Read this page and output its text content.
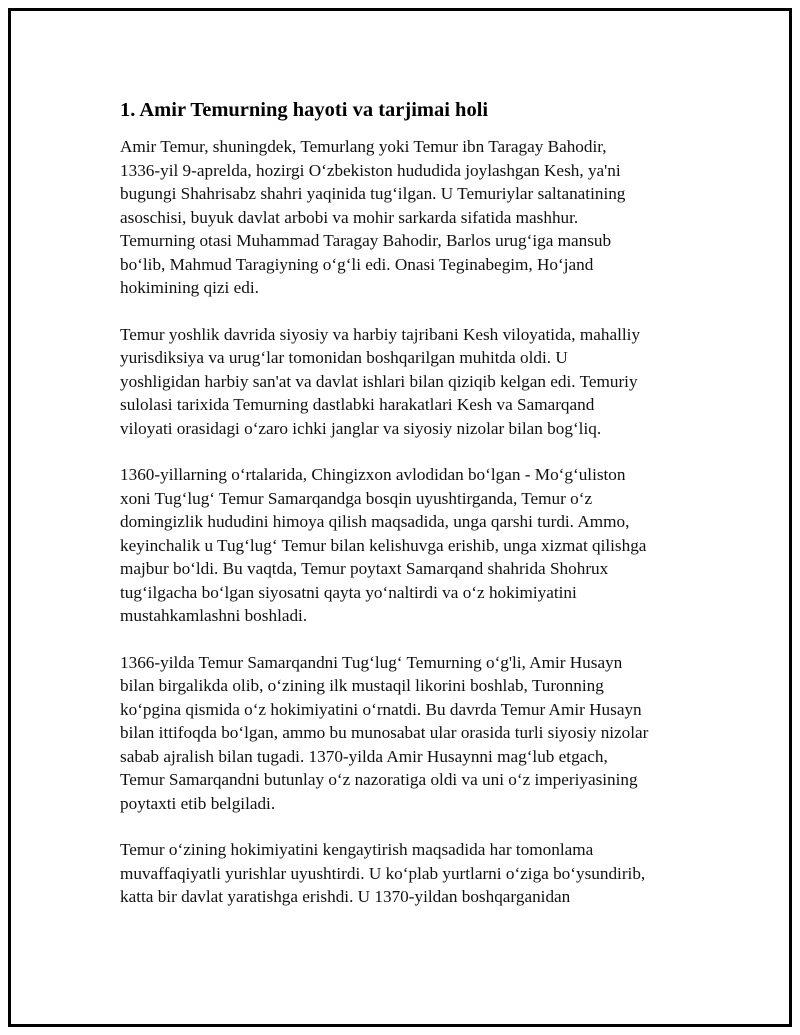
1. Amir Temurning hayoti va tarjimai holi
Amir Temur, shuningdek, Temurlang yoki Temur ibn Taragay Bahodir,
1336-yil 9-aprelda, hozirgi O‘zbekiston hududida joylashgan Kesh, ya'ni
bugungi Shahrisabz shahri yaqinida tug‘ilgan. U Temuriylar saltanatining
asoschisi, buyuk davlat arbobi va mohir sarkarda sifatida mashhur.
Temurning otasi Muhammad Taragay Bahodir, Barlos urug‘iga mansub
bo‘lib, Mahmud Taragiyning o‘g‘li edi. Onasi Teginabegim, Ho‘jand
hokimining qizi edi.
Temur yoshlik davrida siyosiy va harbiy tajribani Kesh viloyatida, mahalliy
yurisdiksiya va urug‘lar tomonidan boshqarilgan muhitda oldi. U
yoshligidan harbiy san'at va davlat ishlari bilan qiziqib kelgan edi. Temuriy
sulolasi tarixida Temurning dastlabki harakatlari Kesh va Samarqand
viloyati orasidagi o‘zaro ichki janglar va siyosiy nizolar bilan bog‘liq.
1360-yillarning o‘rtalarida, Chingizxon avlodidan bo‘lgan - Mo‘g‘uliston
xoni Tug‘lug‘ Temur Samarqandga bosqin uyushtirganda, Temur o‘z
domingizlik hududini himoya qilish maqsadida, unga qarshi turdi. Ammo,
keyinchalik u Tug‘lug‘ Temur bilan kelishuvga erishib, unga xizmat qilishga
majbur bo‘ldi. Bu vaqtda, Temur poytaxt Samarqand shahrida Shohrux
tug‘ilgacha bo‘lgan siyosatni qayta yo‘naltirdi va o‘z hokimiyatini
mustahkamlashni boshladi.
1366-yilda Temur Samarqandni Tug‘lug‘ Temurning o‘g'li, Amir Husayn
bilan birgalikda olib, o‘zining ilk mustaqil likorini boshlab, Turonning
ko‘pgina qismida o‘z hokimiyatini o‘rnatdi. Bu davrda Temur Amir Husayn
bilan ittifoqda bo‘lgan, ammo bu munosabat ular orasida turli siyosiy nizolar
sabab ajralish bilan tugadi. 1370-yilda Amir Husaynni mag‘lub etgach,
Temur Samarqandni butunlay o‘z nazoratiga oldi va uni o‘z imperiyasining
poytaxti etib belgiladi.
Temur o‘zining hokimiyatini kengaytirish maqsadida har tomonlama
muvaffaqiyatli yurishlar uyushtirdi. U ko‘plab yurtlarni o‘ziga bo‘ysundirib,
katta bir davlat yaratishga erishdi. U 1370-yildan boshqarganidan
